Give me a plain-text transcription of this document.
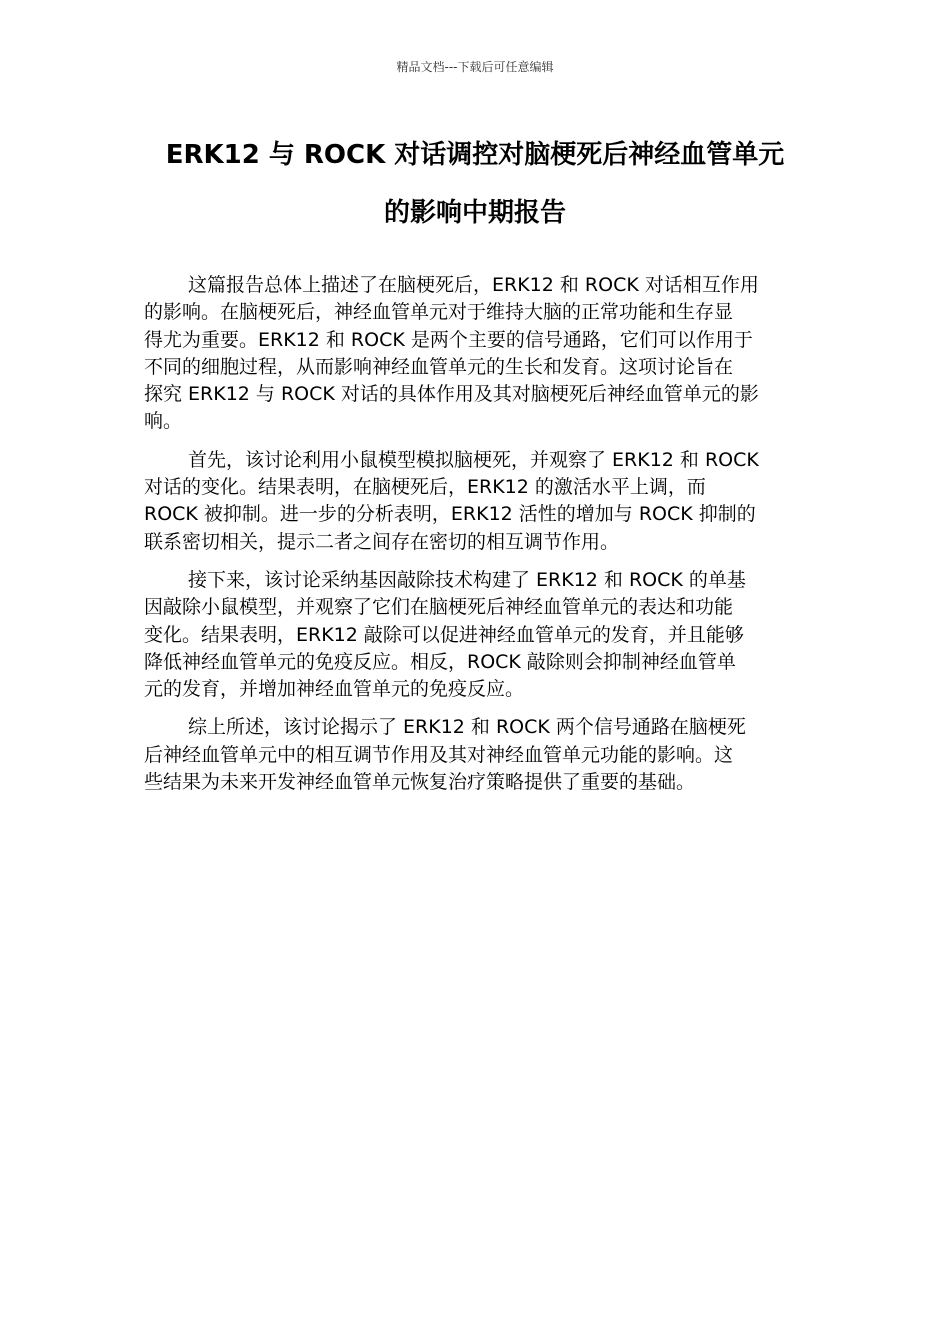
精品文档---下载后可任意编辑
ERK12 与 ROCK 对话调控对脑梗死后神经血管单元
的影响中期报告

这篇报告总体上描述了在脑梗死后，ERK12 和 ROCK 对话相互作用
的影响。在脑梗死后，神经血管单元对于维持大脑的正常功能和生存显
得尤为重要。ERK12 和 ROCK 是两个主要的信号通路，它们可以作用于
不同的细胞过程，从而影响神经血管单元的生长和发育。这项讨论旨在
探究 ERK12 与 ROCK 对话的具体作用及其对脑梗死后神经血管单元的影
响。

首先，该讨论利用小鼠模型模拟脑梗死，并观察了 ERK12 和 ROCK
对话的变化。结果表明，在脑梗死后，ERK12 的激活水平上调，而
ROCK 被抑制。进一步的分析表明，ERK12 活性的增加与 ROCK 抑制的
联系密切相关，提示二者之间存在密切的相互调节作用。

接下来，该讨论采纳基因敲除技术构建了 ERK12 和 ROCK 的单基
因敲除小鼠模型，并观察了它们在脑梗死后神经血管单元的表达和功能
变化。结果表明，ERK12 敲除可以促进神经血管单元的发育，并且能够
降低神经血管单元的免疫反应。相反，ROCK 敲除则会抑制神经血管单
元的发育，并增加神经血管单元的免疫反应。

综上所述，该讨论揭示了 ERK12 和 ROCK 两个信号通路在脑梗死
后神经血管单元中的相互调节作用及其对神经血管单元功能的影响。这
些结果为未来开发神经血管单元恢复治疗策略提供了重要的基础。
